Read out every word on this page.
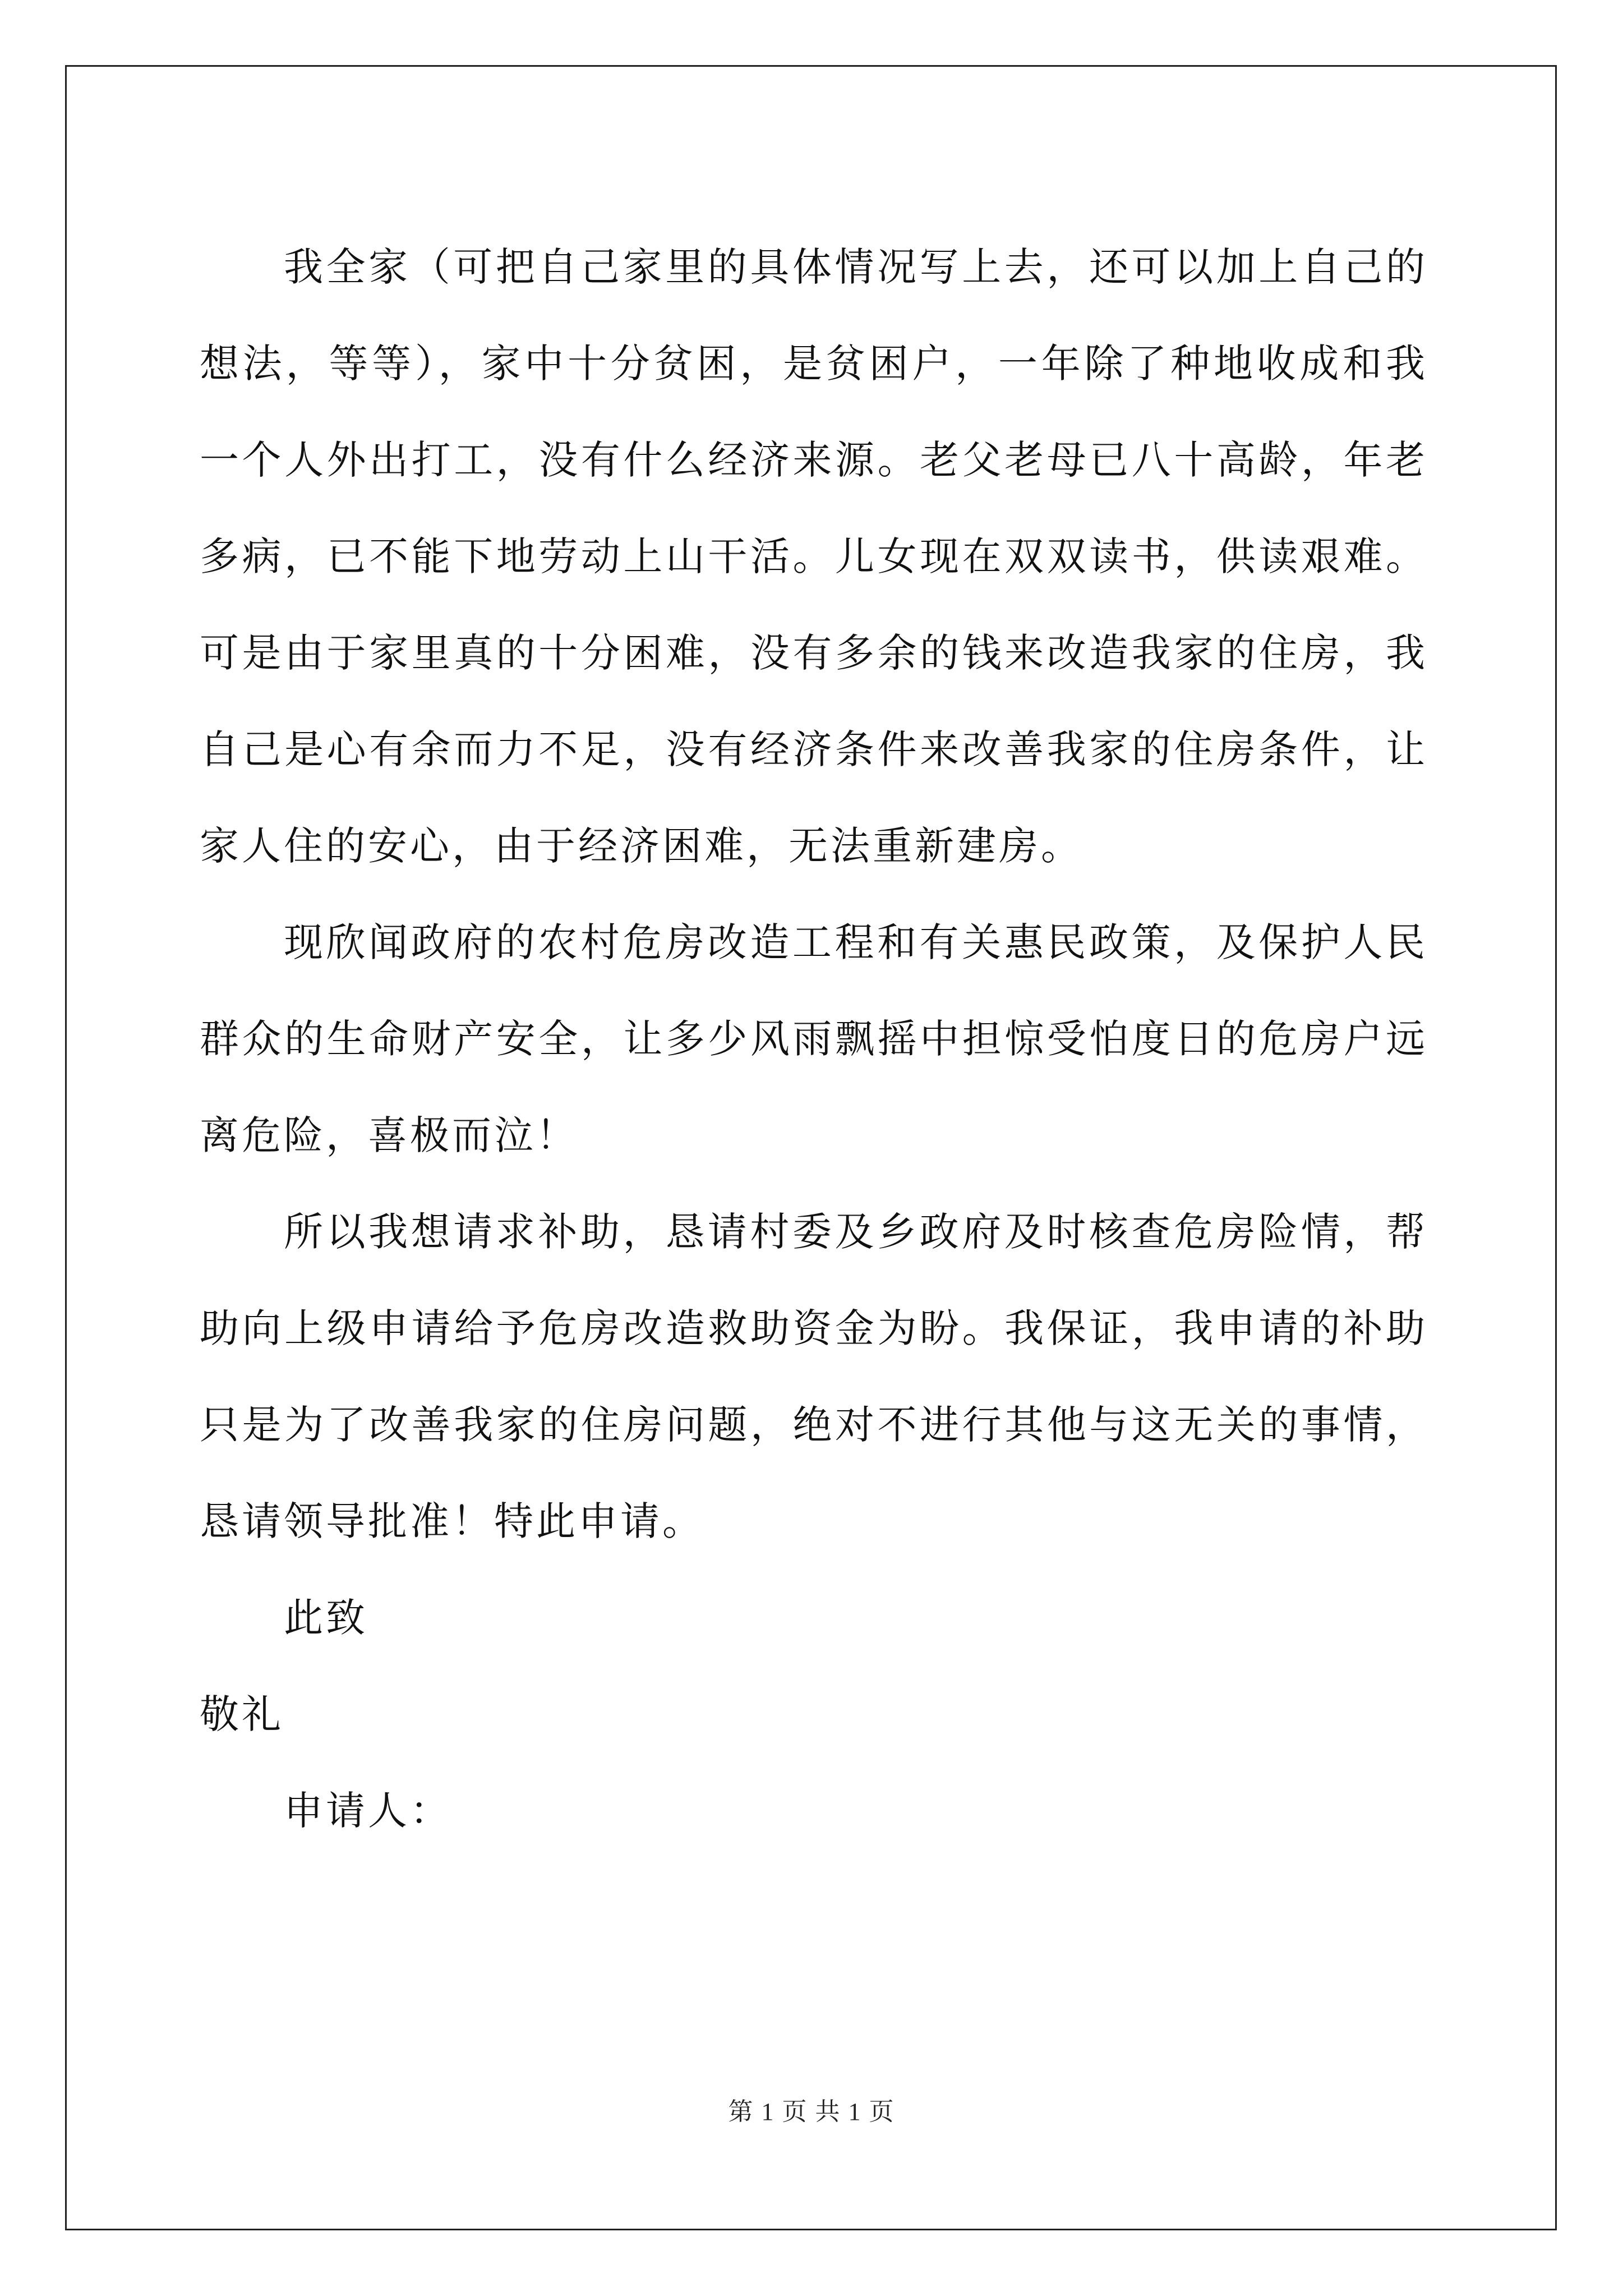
我全家（可把自己家里的具体情况写上去，还可以加上自己的想法，等等），家中十分贫困，是贫困户，一年除了种地收成和我一个人外出打工，没有什么经济来源。老父老母已八十高龄，年老多病，已不能下地劳动上山干活。儿女现在双双读书，供读艰难。可是由于家里真的十分困难，没有多余的钱来改造我家的住房，我自己是心有余而力不足，没有经济条件来改善我家的住房条件，让家人住的安心，由于经济困难，无法重新建房。

现欣闻政府的农村危房改造工程和有关惠民政策，及保护人民群众的生命财产安全，让多少风雨飘摇中担惊受怕度日的危房户远离危险，喜极而泣！

所以我想请求补助，恳请村委及乡政府及时核查危房险情，帮助向上级申请给予危房改造救助资金为盼。我保证，我申请的补助只是为了改善我家的住房问题，绝对不进行其他与这无关的事情，恳请领导批准！特此申请。

此致

敬礼

申请人：

第 1 页 共 1 页
